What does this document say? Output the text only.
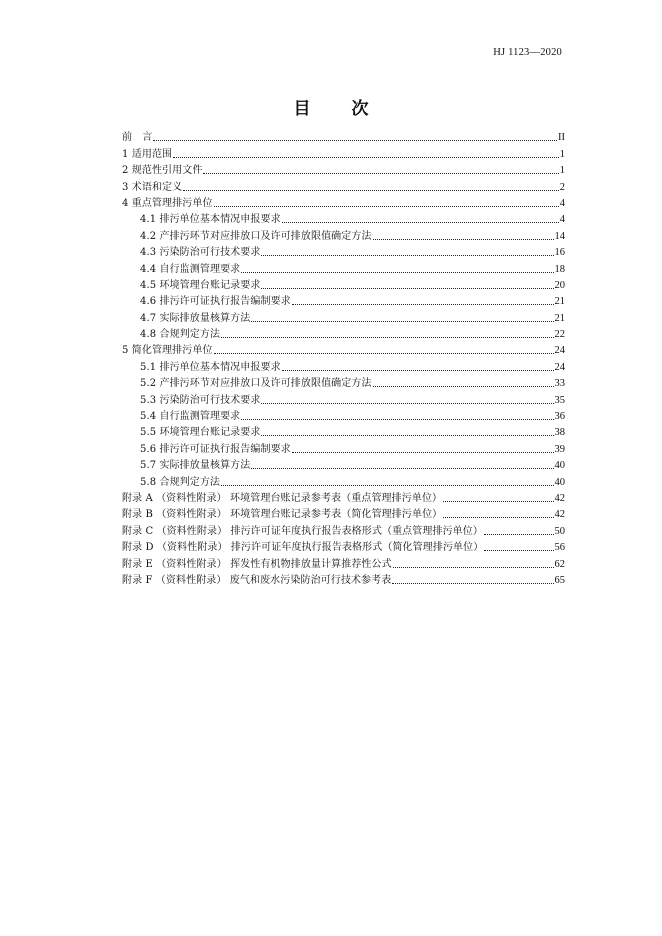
HJ 1123—2020
目　次
前　言	II
1 适用范围	1
2 规范性引用文件	1
3 术语和定义	2
4 重点管理排污单位	4
4.1 排污单位基本情况申报要求	4
4.2 产排污环节对应排放口及许可排放限值确定方法	14
4.3 污染防治可行技术要求	16
4.4 自行监测管理要求	18
4.5 环境管理台账记录要求	20
4.6 排污许可证执行报告编制要求	21
4.7 实际排放量核算方法	21
4.8 合规判定方法	22
5 简化管理排污单位	24
5.1 排污单位基本情况申报要求	24
5.2 产排污环节对应排放口及许可排放限值确定方法	33
5.3 污染防治可行技术要求	35
5.4 自行监测管理要求	36
5.5 环境管理台账记录要求	38
5.6 排污许可证执行报告编制要求	39
5.7 实际排放量核算方法	40
5.8 合规判定方法	40
附录 A （资料性附录） 环境管理台账记录参考表（重点管理排污单位）	42
附录 B （资料性附录） 环境管理台账记录参考表（简化管理排污单位）	42
附录 C （资料性附录） 排污许可证年度执行报告表格形式（重点管理排污单位）	50
附录 D （资料性附录） 排污许可证年度执行报告表格形式（简化管理排污单位）	56
附录 E （资料性附录） 挥发性有机物排放量计算推荐性公式	62
附录 F （资料性附录） 废气和废水污染防治可行技术参考表	65
